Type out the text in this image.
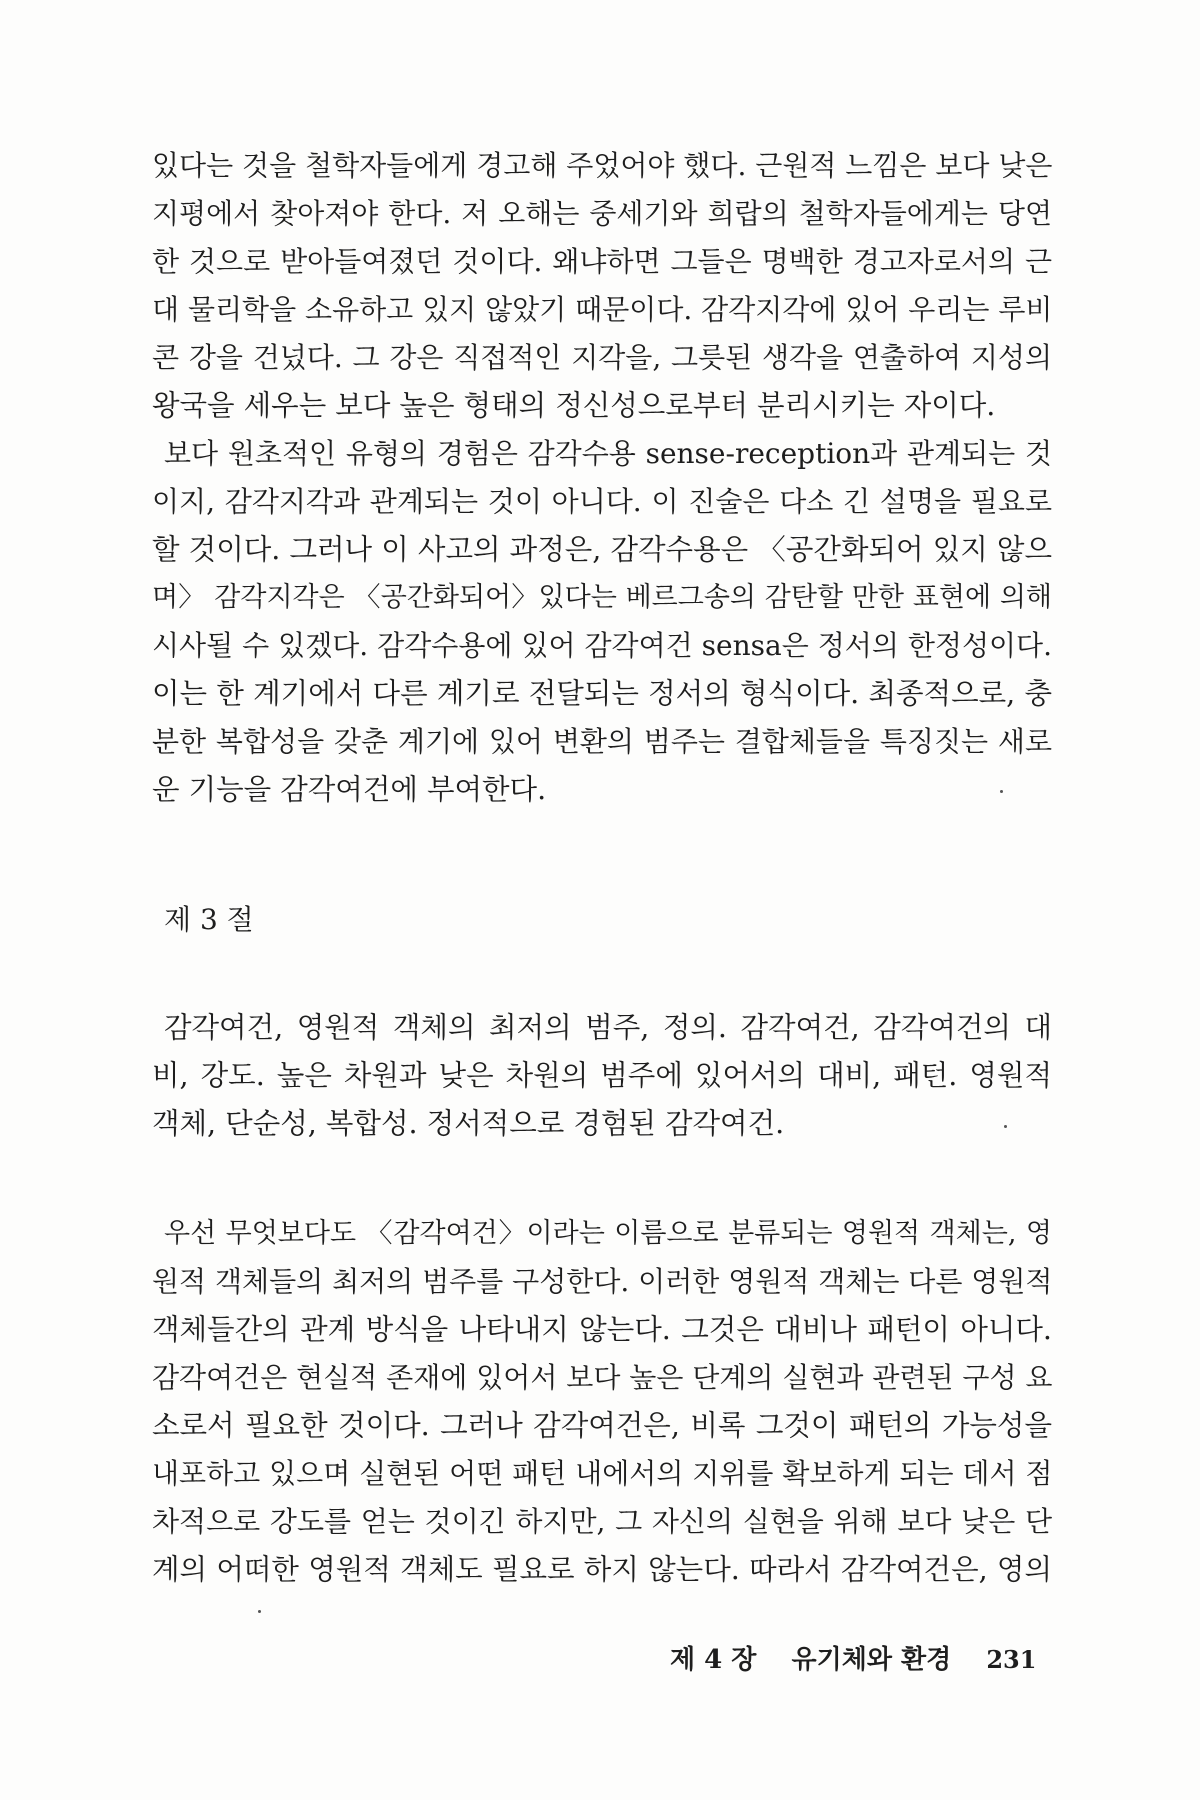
있다는 것을 철학자들에게 경고해 주었어야 했다. 근원적 느낌은 보다 낮은
지평에서 찾아져야 한다. 저 오해는 중세기와 희랍의 철학자들에게는 당연
한 것으로 받아들여졌던 것이다. 왜냐하면 그들은 명백한 경고자로서의 근
대 물리학을 소유하고 있지 않았기 때문이다. 감각지각에 있어 우리는 루비
콘 강을 건넜다. 그 강은 직접적인 지각을, 그릇된 생각을 연출하여 지성의
왕국을 세우는 보다 높은 형태의 정신성으로부터 분리시키는 자이다.
보다 원초적인 유형의 경험은 감각수용 sense-reception과 관계되는 것
이지, 감각지각과 관계되는 것이 아니다. 이 진술은 다소 긴 설명을 필요로
할 것이다. 그러나 이 사고의 과정은, 감각수용은 〈공간화되어 있지 않으
며〉 감각지각은 〈공간화되어〉있다는 베르그송의 감탄할 만한 표현에 의해
시사될 수 있겠다. 감각수용에 있어 감각여건 sensa은 정서의 한정성이다.
이는 한 계기에서 다른 계기로 전달되는 정서의 형식이다. 최종적으로, 충
분한 복합성을 갖춘 계기에 있어 변환의 범주는 결합체들을 특징짓는 새로
운 기능을 감각여건에 부여한다.
제 3 절
감각여건, 영원적 객체의 최저의 범주, 정의. 감각여건, 감각여건의 대
비, 강도. 높은 차원과 낮은 차원의 범주에 있어서의 대비, 패턴. 영원적
객체, 단순성, 복합성. 정서적으로 경험된 감각여건.
우선 무엇보다도 〈감각여건〉이라는 이름으로 분류되는 영원적 객체는, 영
원적 객체들의 최저의 범주를 구성한다. 이러한 영원적 객체는 다른 영원적
객체들간의 관계 방식을 나타내지 않는다. 그것은 대비나 패턴이 아니다.
감각여건은 현실적 존재에 있어서 보다 높은 단계의 실현과 관련된 구성 요
소로서 필요한 것이다. 그러나 감각여건은, 비록 그것이 패턴의 가능성을
내포하고 있으며 실현된 어떤 패턴 내에서의 지위를 확보하게 되는 데서 점
차적으로 강도를 얻는 것이긴 하지만, 그 자신의 실현을 위해 보다 낮은 단
계의 어떠한 영원적 객체도 필요로 하지 않는다. 따라서 감각여건은, 영의
제 4 장 유기체와 환경 231
